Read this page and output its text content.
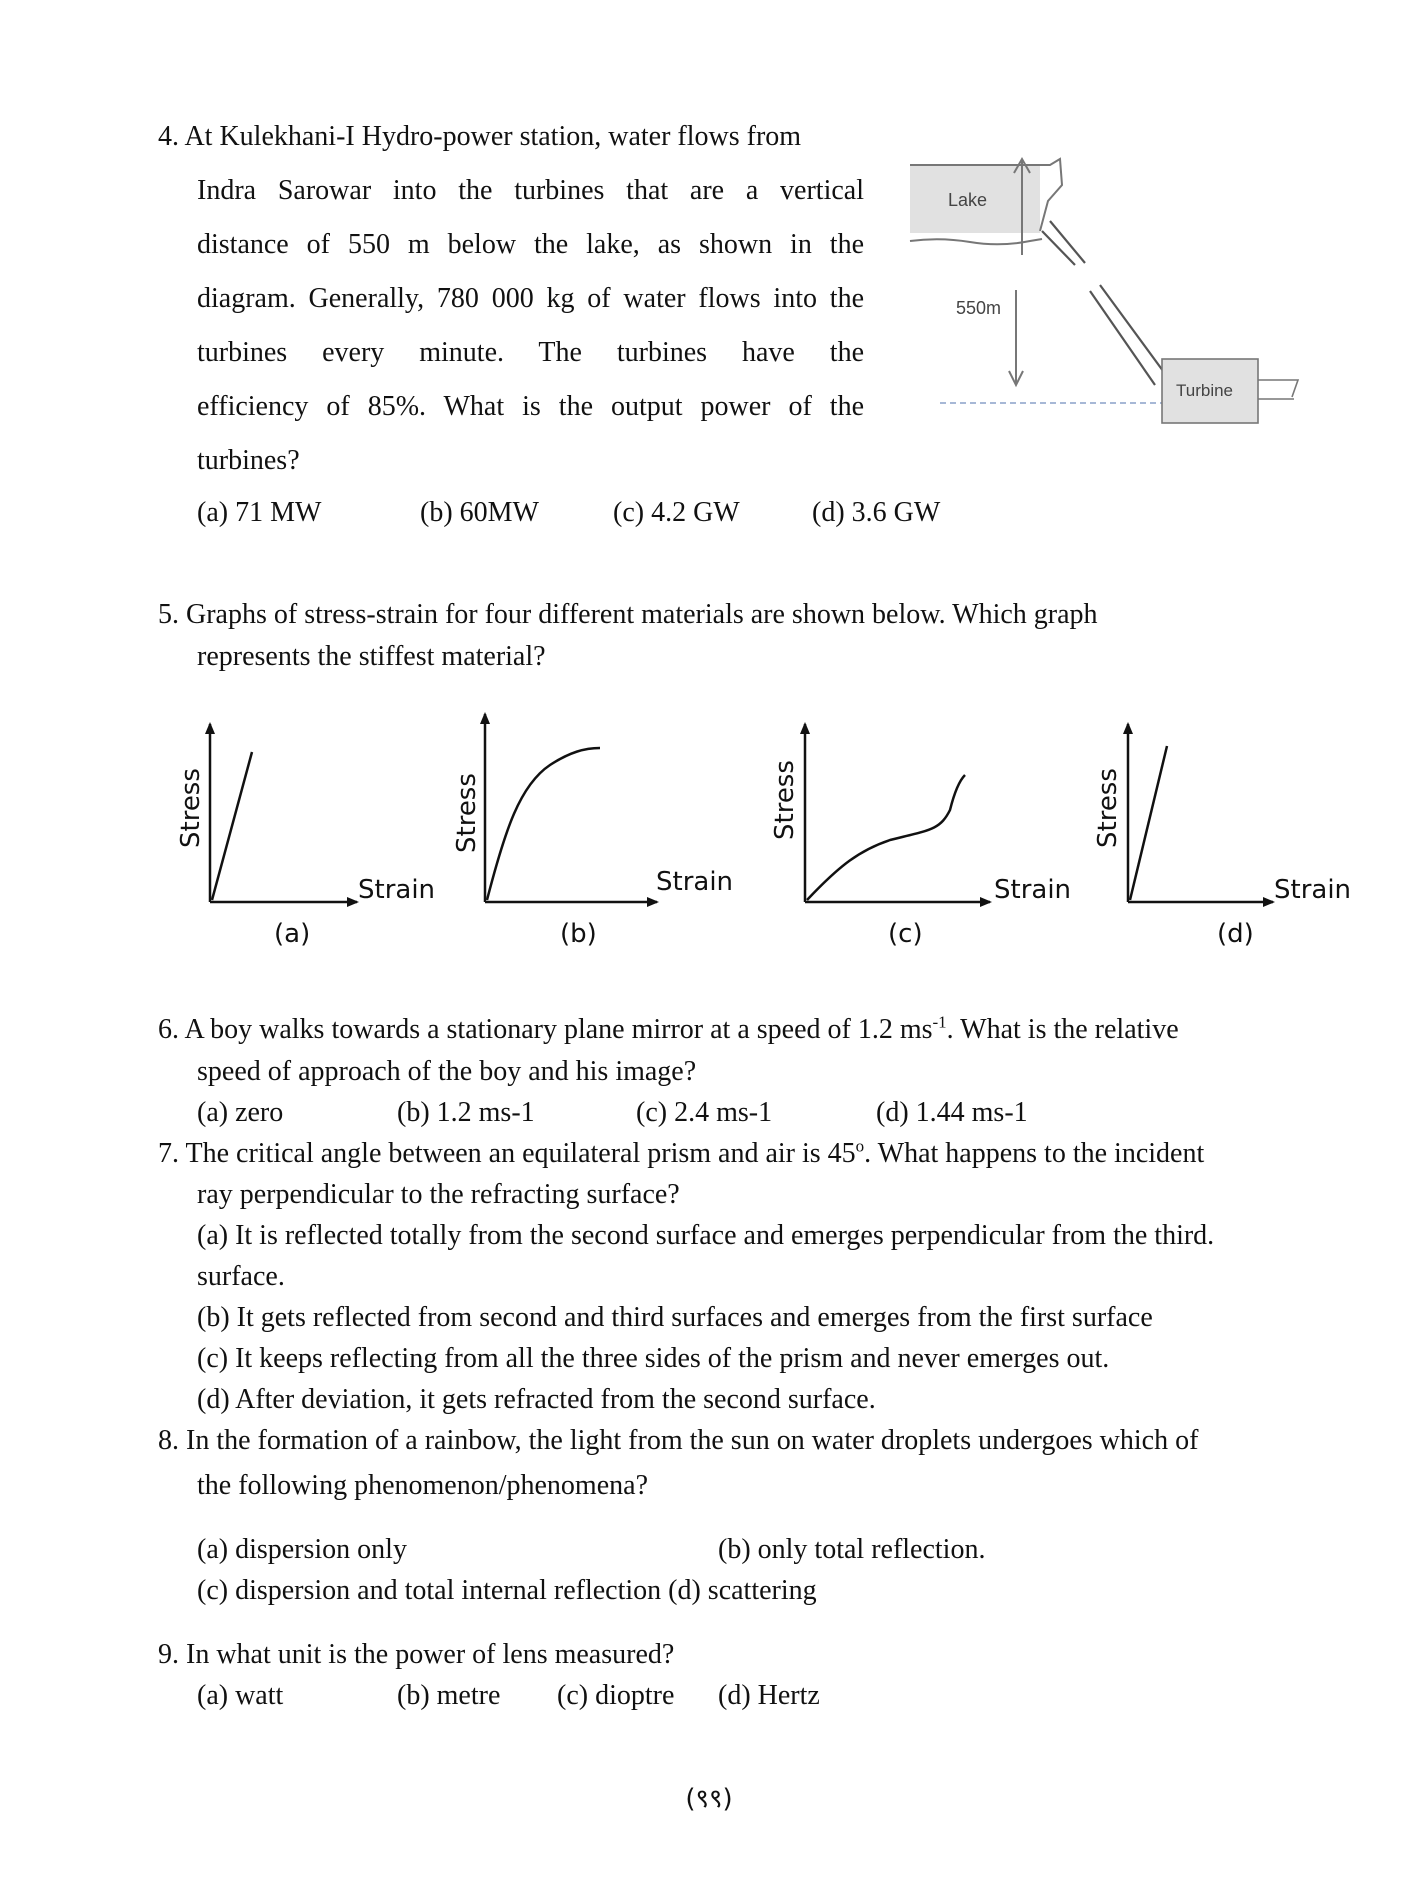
4. At Kulekhani-I Hydro-power station, water flows from
Indra Sarowar into the turbines that are a vertical
distance of 550 m below the lake, as shown in the
diagram. Generally, 780 000 kg of water flows into the
turbines every minute. The turbines have the
efficiency of 85%. What is the output power of the
turbines?
(a) 71 MW	(b) 60MW	(c) 4.2 GW	(d) 3.6 GW
Lake
550m
Turbine
5. Graphs of stress-strain for four different materials are shown below. Which graph
represents the stiffest material?
Stress
Strain
(a)
Stress
Strain
(b)
Stress
Strain
(c)
Stress
Strain
(d)
6. A boy walks towards a stationary plane mirror at a speed of 1.2 $ms^{-1}$. What is the relative
speed of approach of the boy and his image?
(a) zero	(b) 1.2 ms-1	(c) 2.4 ms-1	(d) 1.44 ms-1
7. The critical angle between an equilateral prism and air is 45$^o$. What happens to the incident
ray perpendicular to the refracting surface?
(a) It is reflected totally from the second surface and emerges perpendicular from the third.
surface.
(b) It gets reflected from second and third surfaces and emerges from the first surface
(c) It keeps reflecting from all the three sides of the prism and never emerges out.
(d) After deviation, it gets refracted from the second surface.
8. In the formation of a rainbow, the light from the sun on water droplets undergoes which of
the following phenomenon/phenomena?
(a) dispersion only	(b) only total reflection.
(c) dispersion and total internal reflection (d) scattering
9. In what unit is the power of lens measured?
(a) watt	(b) metre (c) dioptre (d) Hertz
(९९)
